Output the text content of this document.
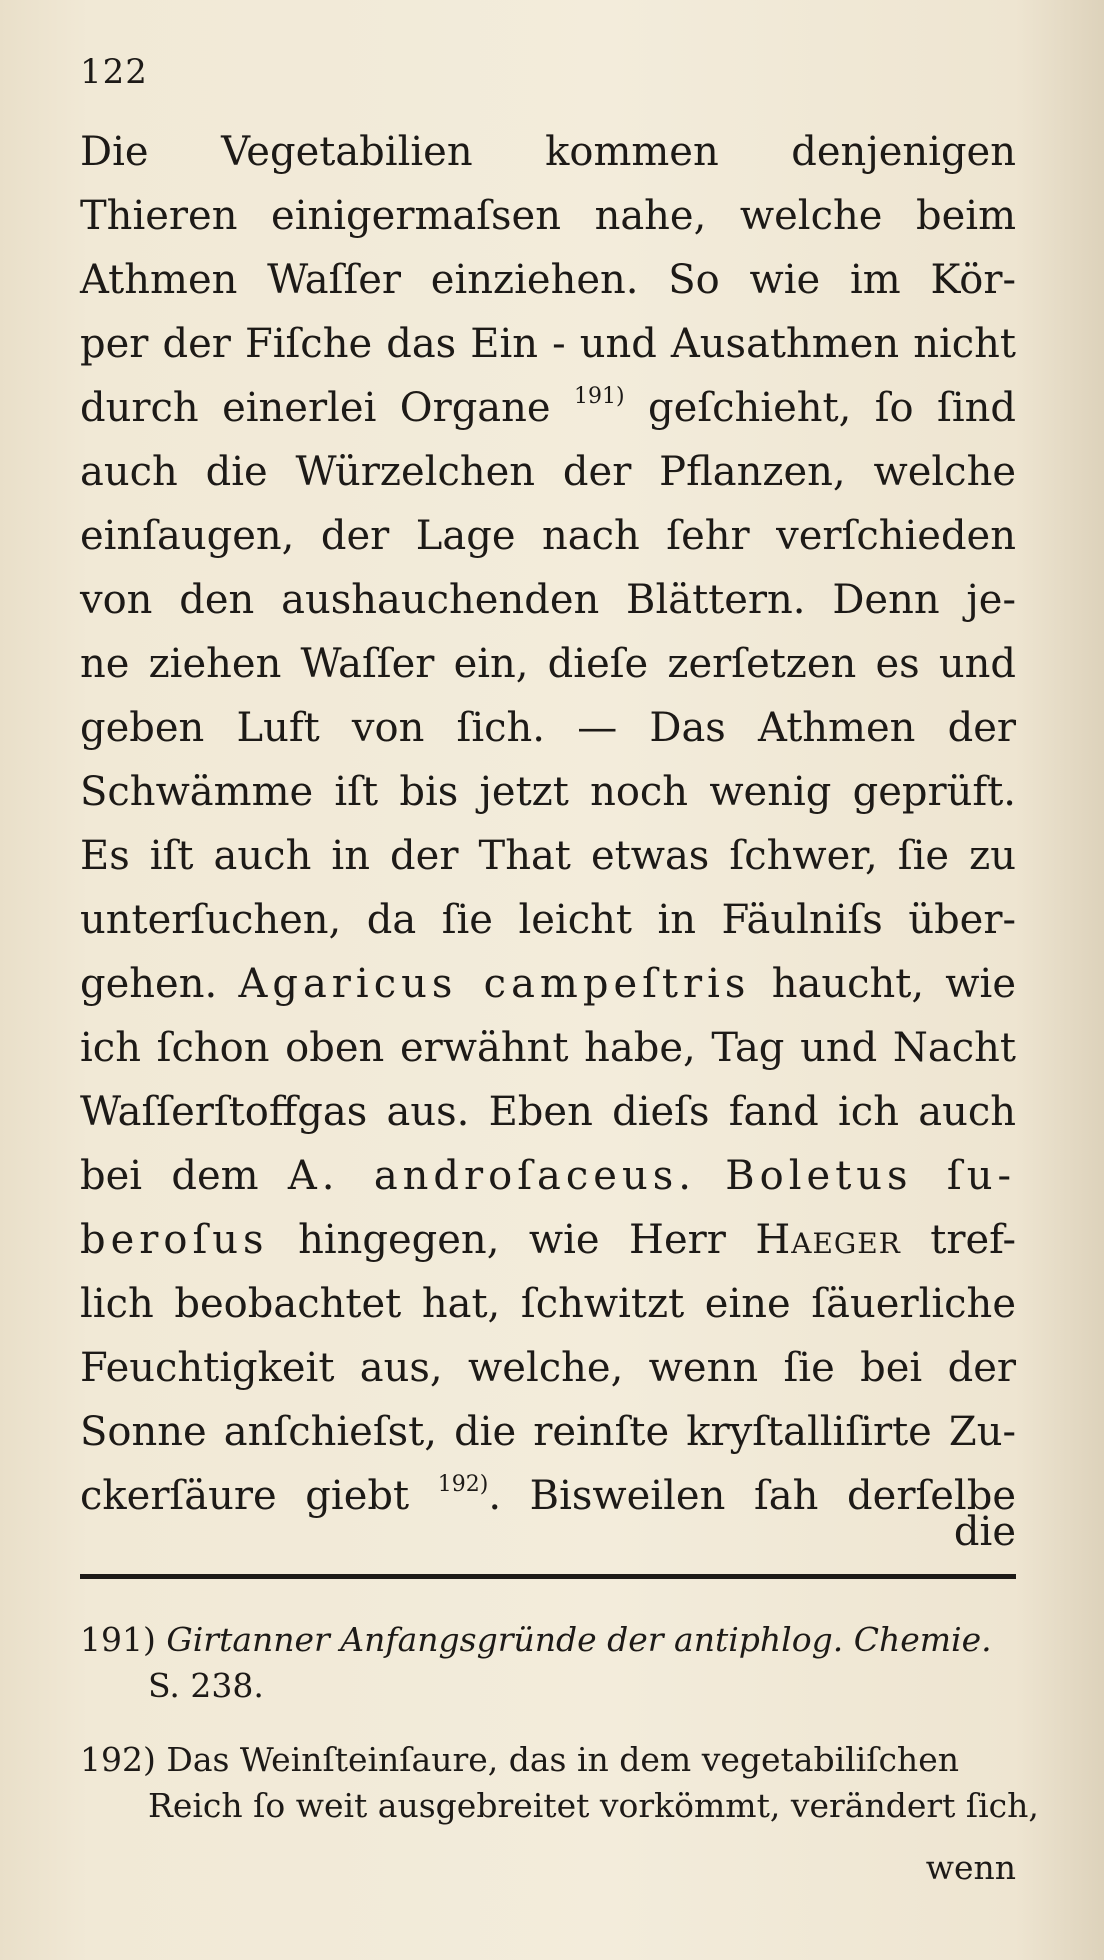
122
Die Vegetabilien kommen denjenigen
Thieren einigermaſsen nahe, welche beim
Athmen Waſſer einziehen. So wie im Kör-
per der Fiſche das Ein - und Ausathmen nicht
durch einerlei Organe $^{191)}$ geſchieht, ſo ſind
auch die Würzelchen der Pflanzen, welche
einſaugen, der Lage nach ſehr verſchieden
von den aushauchenden Blättern. Denn je-
ne ziehen Waſſer ein, dieſe zerſetzen es und
geben Luft von ſich. — Das Athmen der
Schwämme iſt bis jetzt noch wenig geprüft.
Es iſt auch in der That etwas ſchwer, ſie zu
unterſuchen, da ſie leicht in Fäulniſs über-
gehen. Agaricus campeſtris haucht, wie
ich ſchon oben erwähnt habe, Tag und Nacht
Waſſerſtoffgas aus. Eben dieſs fand ich auch
bei dem A. androſaceus. Boletus ſu-
beroſus hingegen, wie Herr Haeger tref-
lich beobachtet hat, ſchwitzt eine ſäuerliche
Feuchtigkeit aus, welche, wenn ſie bei der
Sonne anſchieſst, die reinſte kryſtalliſirte Zu-
ckerſäure giebt $^{192)}$. Bisweilen ſah derſelbe
die
191) Girtanner Anfangsgründe der antiphlog. Chemie.
S. 238.
192) Das Weinſteinſaure, das in dem vegetabiliſchen
Reich ſo weit ausgebreitet vorkömmt, verändert ſich,
wenn
